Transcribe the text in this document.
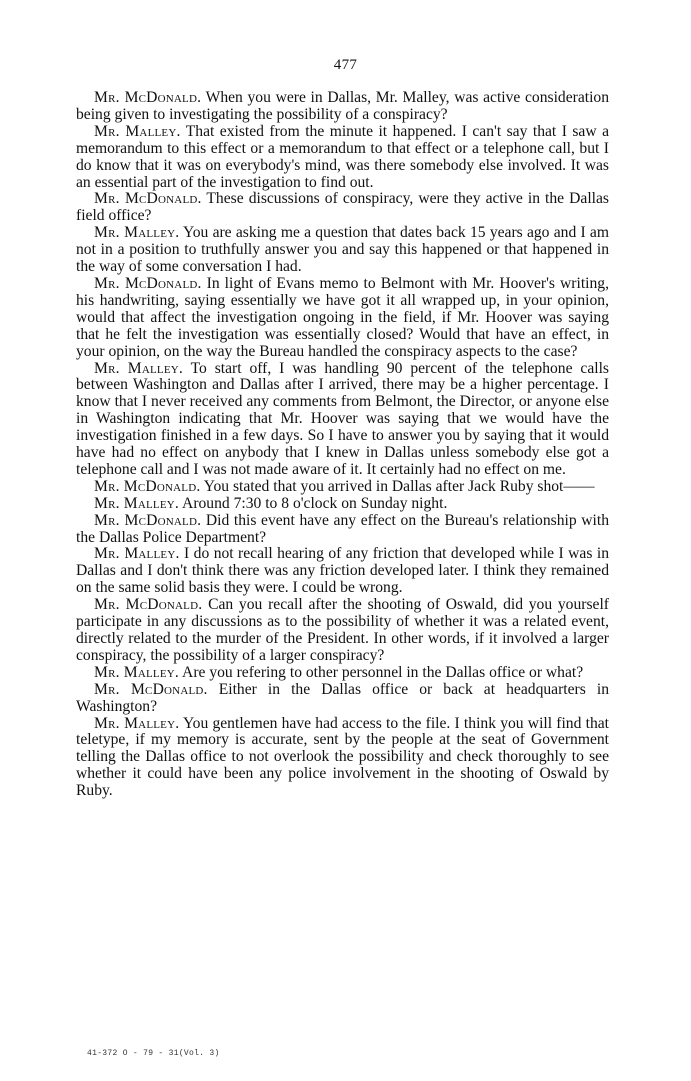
477

Mr. McDonald. When you were in Dallas, Mr. Malley, was active consideration being given to investigating the possibility of a conspiracy?

Mr. Malley. That existed from the minute it happened. I can't say that I saw a memorandum to this effect or a memorandum to that effect or a telephone call, but I do know that it was on everybody's mind, was there somebody else involved. It was an essential part of the investigation to find out.

Mr. McDonald. These discussions of conspiracy, were they active in the Dallas field office?

Mr. Malley. You are asking me a question that dates back 15 years ago and I am not in a position to truthfully answer you and say this happened or that happened in the way of some conversation I had.

Mr. McDonald. In light of Evans memo to Belmont with Mr. Hoover's writing, his handwriting, saying essentially we have got it all wrapped up, in your opinion, would that affect the investigation ongoing in the field, if Mr. Hoover was saying that he felt the investigation was essentially closed? Would that have an effect, in your opinion, on the way the Bureau handled the conspiracy aspects to the case?

Mr. Malley. To start off, I was handling 90 percent of the telephone calls between Washington and Dallas after I arrived, there may be a higher percentage. I know that I never received any comments from Belmont, the Director, or anyone else in Washington indicating that Mr. Hoover was saying that we would have the investigation finished in a few days. So I have to answer you by saying that it would have had no effect on anybody that I knew in Dallas unless somebody else got a telephone call and I was not made aware of it. It certainly had no effect on me.

Mr. McDonald. You stated that you arrived in Dallas after Jack Ruby shot——

Mr. Malley. Around 7:30 to 8 o'clock on Sunday night.

Mr. McDonald. Did this event have any effect on the Bureau's relationship with the Dallas Police Department?

Mr. Malley. I do not recall hearing of any friction that developed while I was in Dallas and I don't think there was any friction developed later. I think they remained on the same solid basis they were. I could be wrong.

Mr. McDonald. Can you recall after the shooting of Oswald, did you yourself participate in any discussions as to the possibility of whether it was a related event, directly related to the murder of the President. In other words, if it involved a larger conspiracy, the possibility of a larger conspiracy?

Mr. Malley. Are you refering to other personnel in the Dallas office or what?

Mr. McDonald. Either in the Dallas office or back at headquarters in Washington?

Mr. Malley. You gentlemen have had access to the file. I think you will find that teletype, if my memory is accurate, sent by the people at the seat of Government telling the Dallas office to not overlook the possibility and check thoroughly to see whether it could have been any police involvement in the shooting of Oswald by Ruby.

41-372 O - 79 - 31(Vol. 3)
